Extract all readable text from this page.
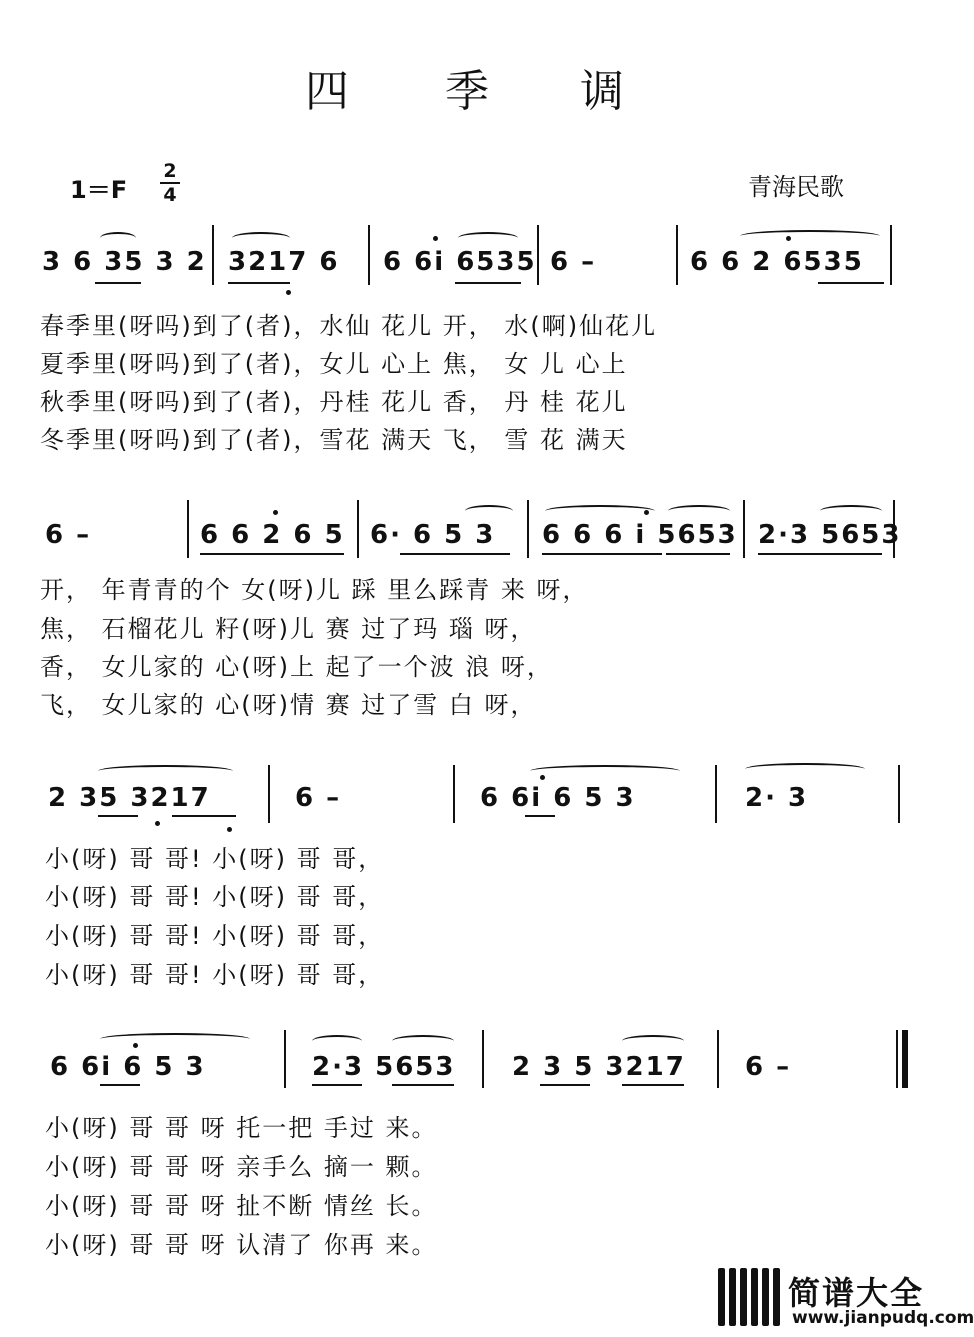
四 季 调
1＝F
2
4	青海民歌
3 6 35 3 2 3217 6 6 6i 6535 6 –	6 6 2 6535
春季里(呀吗)到了(者)，水仙 花儿 开， 水(啊)仙花儿
夏季里(呀吗)到了(者)，女儿 心上 焦， 女 儿 心上
秋季里(呀吗)到了(者)，丹桂 花儿 香， 丹 桂 花儿
冬季里(呀吗)到了(者)，雪花 满天 飞， 雪 花 满天
6 –	6 6 2 6 5 6· 6 5 3 6 6 6 i 5653 2·3 5653
开， 年青青的个 女(呀)儿 踩 里么踩青 来 呀，
焦， 石榴花儿 籽(呀)儿 赛 过了玛 瑙 呀，
香， 女儿家的 心(呀)上 起了一个波 浪 呀，
飞， 女儿家的 心(呀)情 赛 过了雪 白 呀，
2 35 3217	6 –	6 6i 6 5 3	2· 3
小(呀) 哥 哥! 小(呀) 哥 哥，
小(呀) 哥 哥! 小(呀) 哥 哥，
小(呀) 哥 哥! 小(呀) 哥 哥，
小(呀) 哥 哥! 小(呀) 哥 哥，
6 6i 6 5 3	2·3 5653 2 3 5 3217 6 –
小(呀) 哥 哥 呀 托一把 手过 来。
小(呀) 哥 哥 呀 亲手么 摘一 颗。
小(呀) 哥 哥 呀 扯不断 情丝 长。
小(呀) 哥 哥 呀 认清了 你再 来。
简谱大全
www.jianpudq.com
